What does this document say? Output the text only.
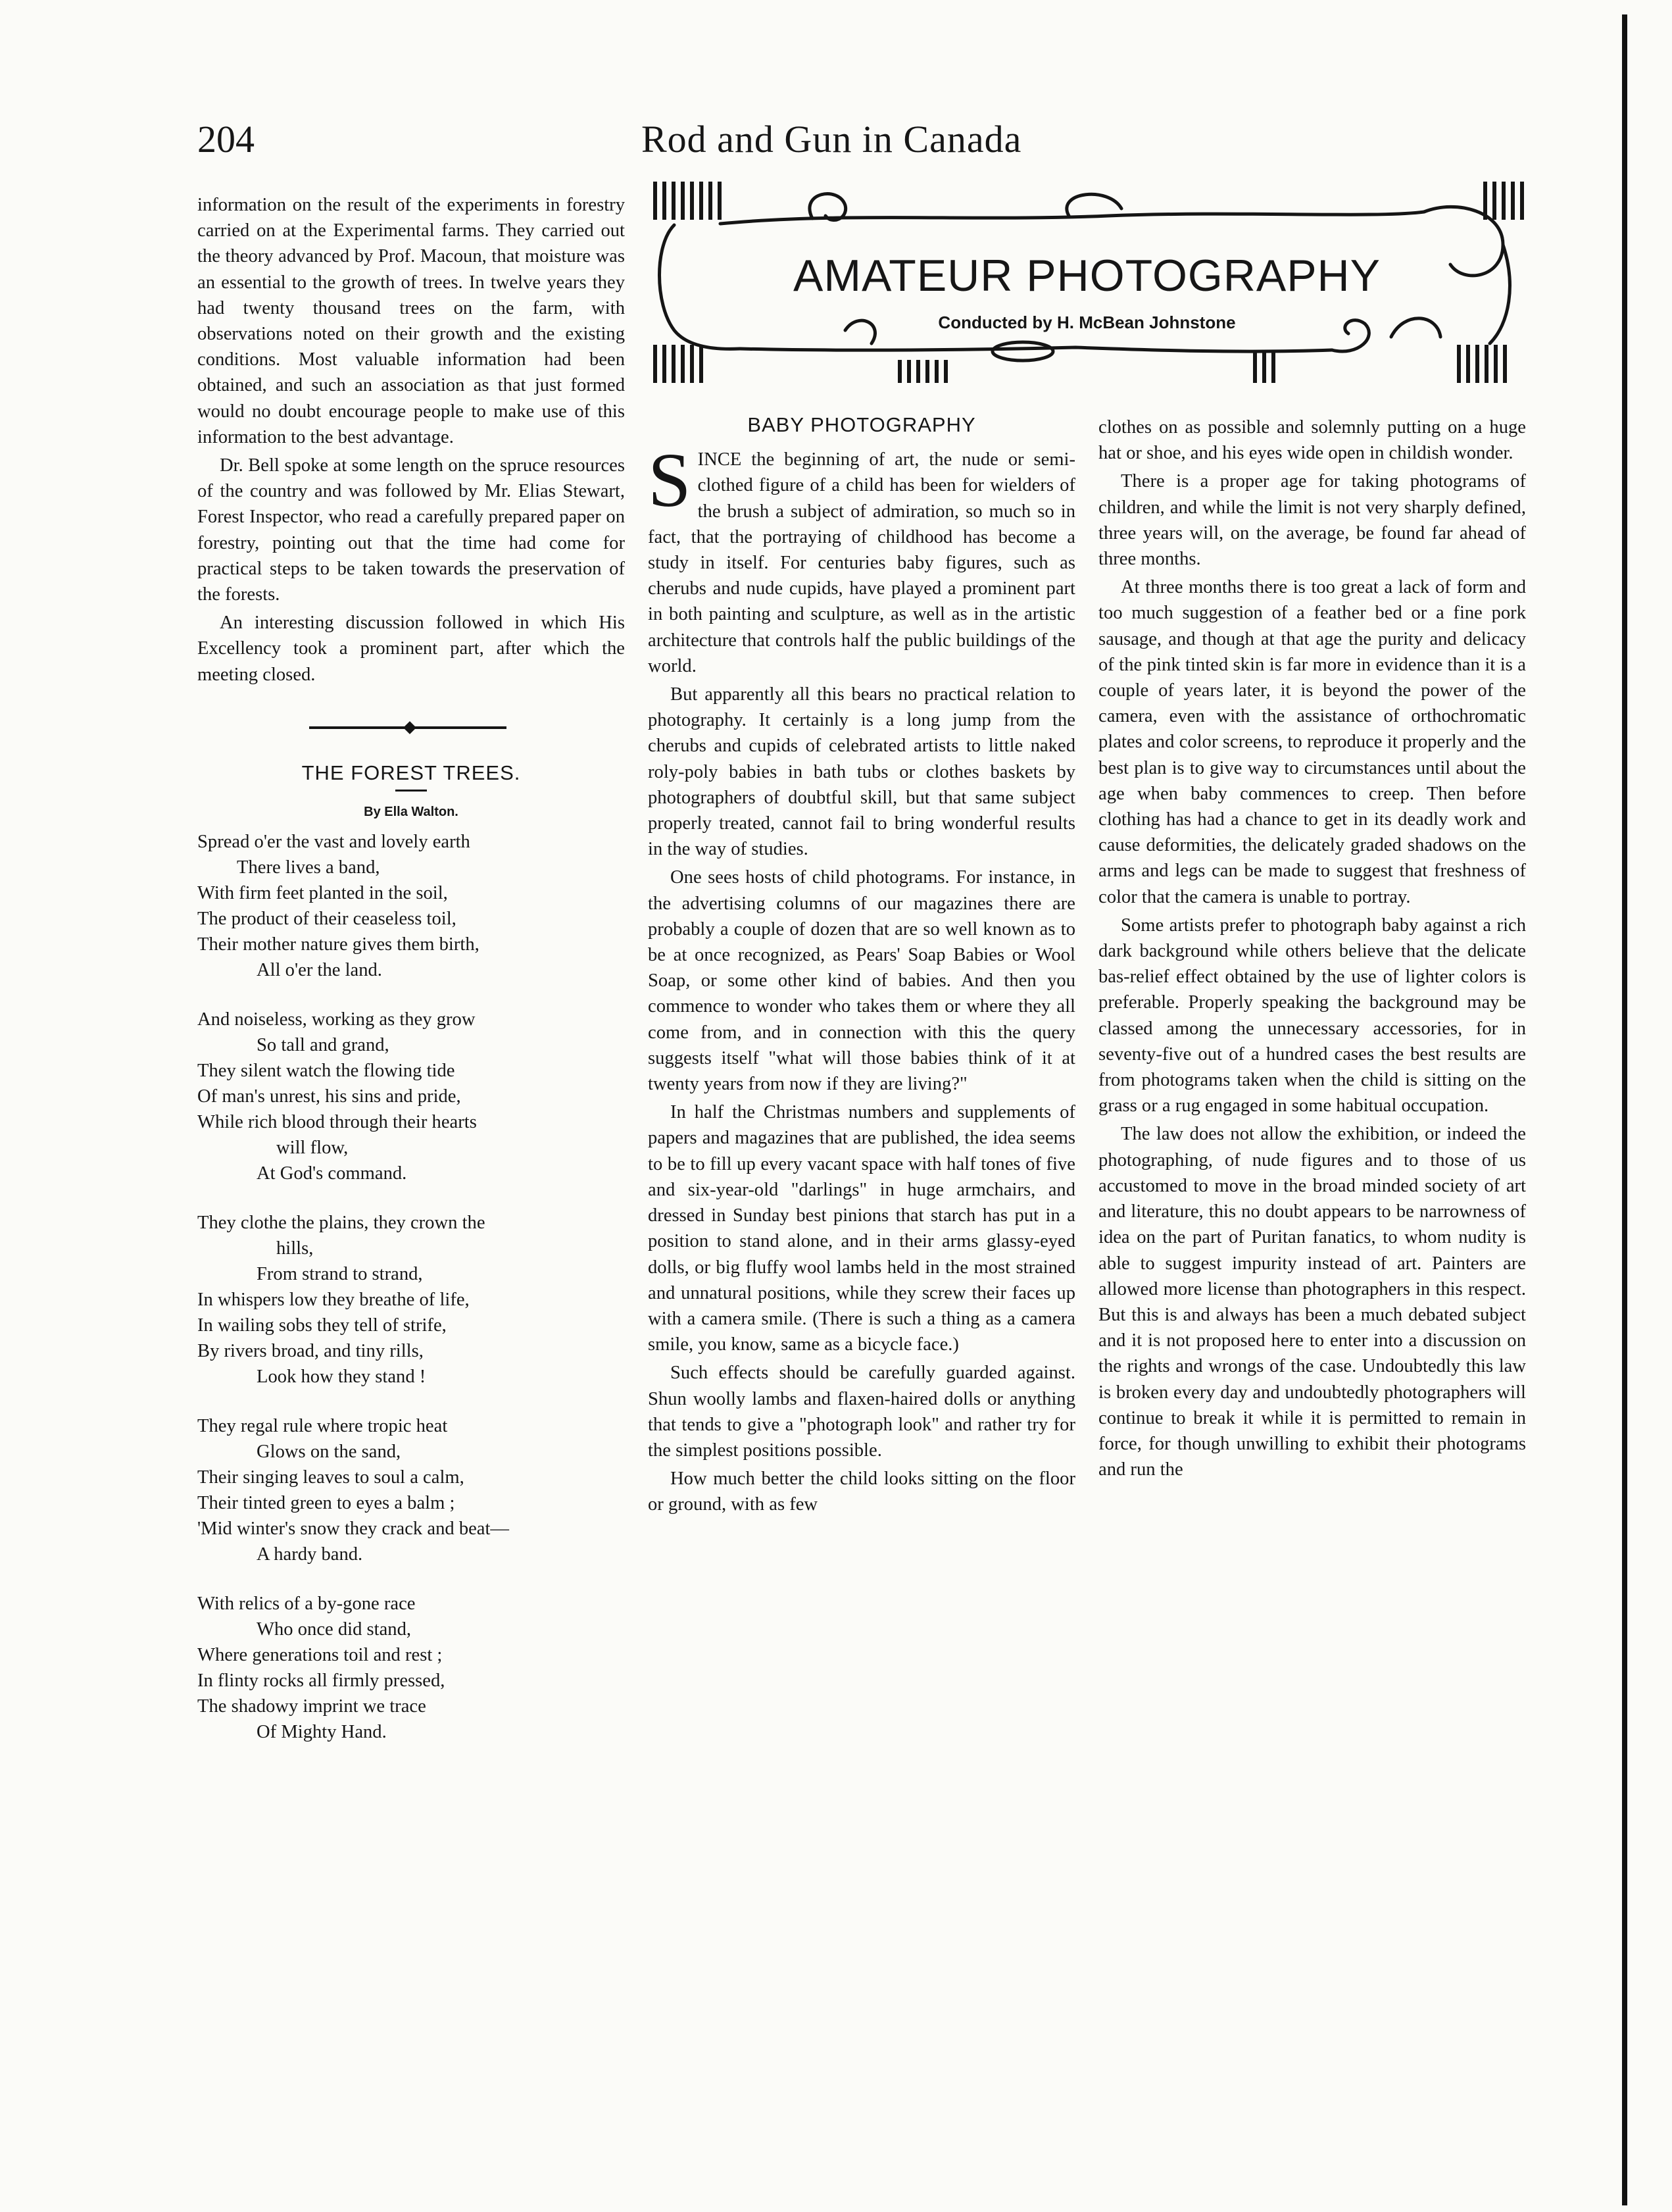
204	Rod and Gun in Canada

information on the result of the experiments in forestry carried on at the Experimental farms. They carried out the theory advanced by Prof. Macoun, that moisture was an essential to the growth of trees. In twelve years they had twenty thousand trees on the farm, with observations noted on their growth and the existing conditions. Most valuable information had been obtained, and such an association as that just formed would no doubt encourage people to make use of this information to the best advantage.

Dr. Bell spoke at some length on the spruce resources of the country and was followed by Mr. Elias Stewart, Forest Inspector, who read a carefully prepared paper on forestry, pointing out that the time had come for practical steps to be taken towards the preservation of the forests.

An interesting discussion followed in which His Excellency took a prominent part, after which the meeting closed.

THE FOREST TREES.
By Ella Walton.
Spread o'er the vast and lovely earth
There lives a band,
With firm feet planted in the soil,
The product of their ceaseless toil,
Their mother nature gives them birth,
All o'er the land.
And noiseless, working as they grow
So tall and grand,
They silent watch the flowing tide
Of man's unrest, his sins and pride,
While rich blood through their hearts
will flow,
At God's command.
They clothe the plains, they crown the
hills,
From strand to strand,
In whispers low they breathe of life,
In wailing sobs they tell of strife,
By rivers broad, and tiny rills,
Look how they stand !
They regal rule where tropic heat
Glows on the sand,
Their singing leaves to soul a calm,
Their tinted green to eyes a balm ;
'Mid winter's snow they crack and beat—
A hardy band.
With relics of a by-gone race
Who once did stand,
Where generations toil and rest ;
In flinty rocks all firmly pressed,
The shadowy imprint we trace
Of Mighty Hand.
AMATEUR PHOTOGRAPHY
Conducted by H. McBean Johnstone
BABY PHOTOGRAPHY

SINCE the beginning of art, the nude or semi-clothed figure of a child has been for wielders of the brush a subject of admiration, so much so in fact, that the portraying of childhood has become a study in itself. For centuries baby figures, such as cherubs and nude cupids, have played a prominent part in both painting and sculpture, as well as in the artistic architecture that controls half the public buildings of the world.

But apparently all this bears no practical relation to photography. It certainly is a long jump from the cherubs and cupids of celebrated artists to little naked roly-poly babies in bath tubs or clothes baskets by photographers of doubtful skill, but that same subject properly treated, cannot fail to bring wonderful results in the way of studies.

One sees hosts of child photograms. For instance, in the advertising columns of our magazines there are probably a couple of dozen that are so well known as to be at once recognized, as Pears' Soap Babies or Wool Soap, or some other kind of babies. And then you commence to wonder who takes them or where they all come from, and in connection with this the query suggests itself "what will those babies think of it at twenty years from now if they are living?"

In half the Christmas numbers and supplements of papers and magazines that are published, the idea seems to be to fill up every vacant space with half tones of five and six-year-old "darlings" in huge armchairs, and dressed in Sunday best pinions that starch has put in a position to stand alone, and in their arms glassy-eyed dolls, or big fluffy wool lambs held in the most strained and unnatural positions, while they screw their faces up with a camera smile. (There is such a thing as a camera smile, you know, same as a bicycle face.)

Such effects should be carefully guarded against. Shun woolly lambs and flaxen-haired dolls or anything that tends to give a "photograph look" and rather try for the simplest positions possible.

How much better the child looks sitting on the floor or ground, with as few

clothes on as possible and solemnly putting on a huge hat or shoe, and his eyes wide open in childish wonder.

There is a proper age for taking photograms of children, and while the limit is not very sharply defined, three years will, on the average, be found far ahead of three months.

At three months there is too great a lack of form and too much suggestion of a feather bed or a fine pork sausage, and though at that age the purity and delicacy of the pink tinted skin is far more in evidence than it is a couple of years later, it is beyond the power of the camera, even with the assistance of orthochromatic plates and color screens, to reproduce it properly and the best plan is to give way to circumstances until about the age when baby commences to creep. Then before clothing has had a chance to get in its deadly work and cause deformities, the delicately graded shadows on the arms and legs can be made to suggest that freshness of color that the camera is unable to portray.

Some artists prefer to photograph baby against a rich dark background while others believe that the delicate bas-relief effect obtained by the use of lighter colors is preferable. Properly speaking the background may be classed among the unnecessary accessories, for in seventy-five out of a hundred cases the best results are from photograms taken when the child is sitting on the grass or a rug engaged in some habitual occupation.

The law does not allow the exhibition, or indeed the photographing, of nude figures and to those of us accustomed to move in the broad minded society of art and literature, this no doubt appears to be narrowness of idea on the part of Puritan fanatics, to whom nudity is able to suggest impurity instead of art. Painters are allowed more license than photographers in this respect. But this is and always has been a much debated subject and it is not proposed here to enter into a discussion on the rights and wrongs of the case. Undoubtedly this law is broken every day and undoubtedly photographers will continue to break it while it is permitted to remain in force, for though unwilling to exhibit their photograms and run the
